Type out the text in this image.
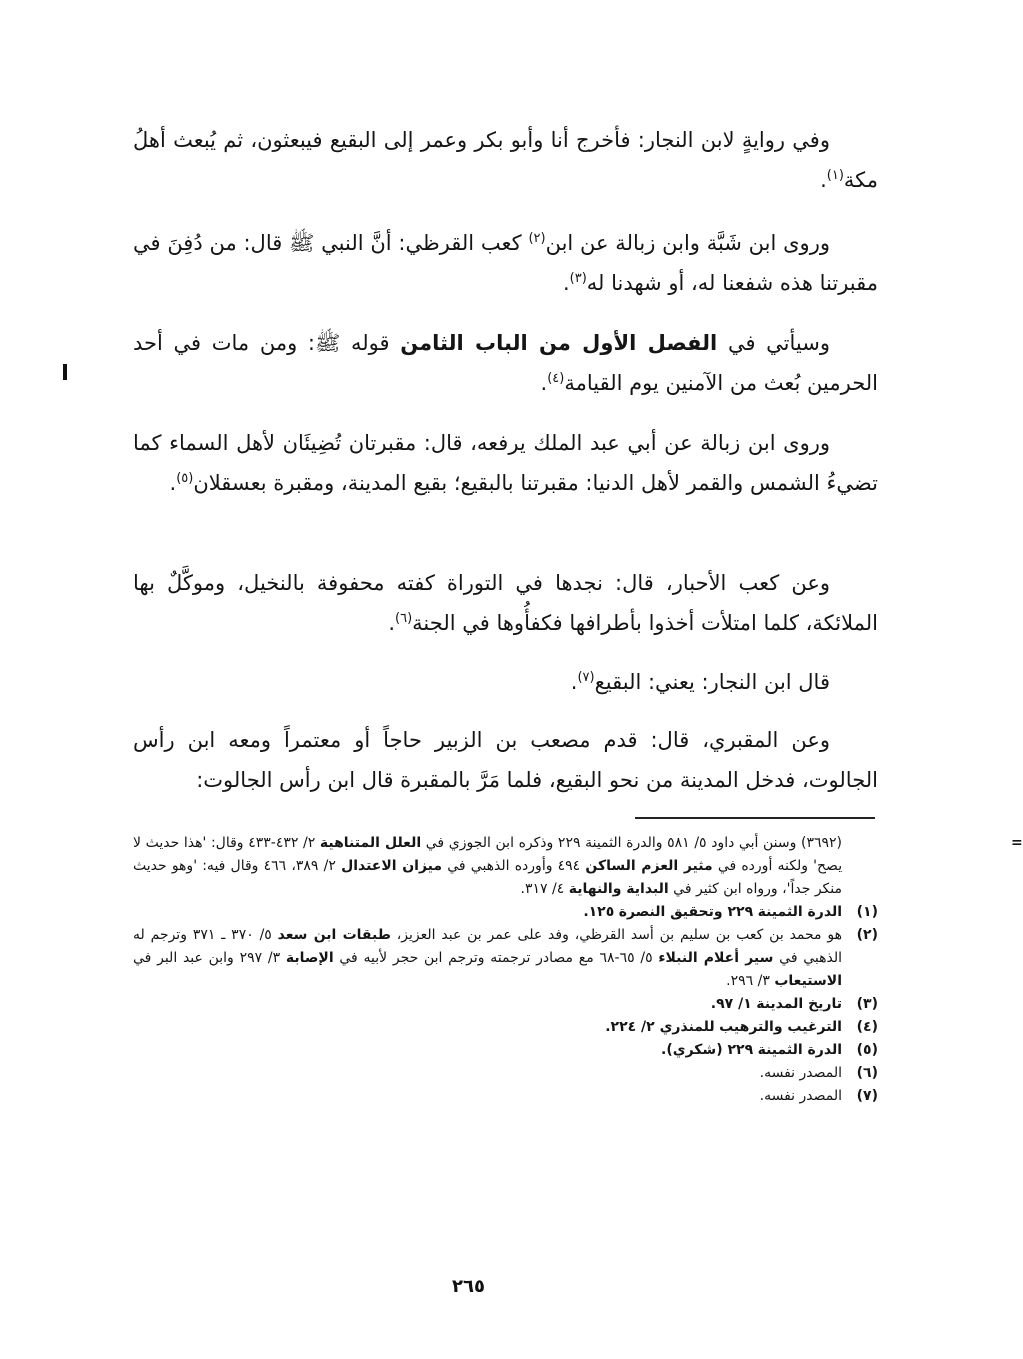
وفي روايةٍ لابن النجار: فأخرج أنا وأبو بكر وعمر إلى البقيع فيبعثون، ثم يُبعث أهلُ مكة$^{(١)}$.

وروى ابن شَبَّة وابن زبالة عن ابن$^{(٢)}$ كعب القرظي: أنَّ النبي ﷺ قال: من دُفِنَ في مقبرتنا هذه شفعنا له، أو شهدنا له$^{(٣)}$.

وسيأتي في الفصل الأول من الباب الثامن قوله ﷺ: ومن مات في أحد الحرمين بُعث من الآمنين يوم القيامة$^{(٤)}$.

وروى ابن زبالة عن أبي عبد الملك يرفعه، قال: مقبرتان تُضِيئَان لأهل السماء كما تضيءُ الشمس والقمر لأهل الدنيا: مقبرتنا بالبقيع؛ بقيع المدينة، ومقبرة بعسقلان$^{(٥)}$.

وعن كعب الأحبار، قال: نجدها في التوراة كفته محفوفة بالنخيل، وموكَّلٌ بها الملائكة، كلما امتلأت أخذوا بأطرافها فكفأُوها في الجنة$^{(٦)}$.

قال ابن النجار: يعني: البقيع$^{(٧)}$.

وعن المقبري، قال: قدم مصعب بن الزبير حاجاً أو معتمراً ومعه ابن رأس الجالوت، فدخل المدينة من نحو البقيع، فلما مَرَّ بالمقبرة قال ابن رأس الجالوت:

=
(٣٦٩٢) وسنن أبي داود ٥/ ٥٨١ والدرة الثمينة ٢٢٩ وذكره ابن الجوزي في العلل المتناهية ٢/ ٤٣٢-٤٣٣ وقال: 'هذا حديث لا يصح' ولكنه أورده في مثير العزم الساكن ٤٩٤ وأورده الذهبي في ميزان الاعتدال ٢/ ٣٨٩، ٤٦٦ وقال فيه: 'وهو حديث منكر جداً'، ورواه ابن كثير في البداية والنهاية ٤/ ٣١٧.
(١)
الدرة الثمينة ٢٢٩ وتحقيق النصرة ١٢٥.
(٢)
هو محمد بن كعب بن سليم بن أسد القرظي، وفد على عمر بن عبد العزيز، طبقات ابن سعد ٥/ ٣٧٠ ـ ٣٧١ وترجم له الذهبي في سير أعلام النبلاء ٥/ ٦٥-٦٨ مع مصادر ترجمته وترجم ابن حجر لأبيه في الإصابة ٣/ ٢٩٧ وابن عبد البر في الاستيعاب ٣/ ٢٩٦.
(٣)
تاريخ المدينة ١/ ٩٧.
(٤)
الترغيب والترهيب للمنذري ٢/ ٢٢٤.
(٥)
الدرة الثمينة ٢٢٩ (شكري).
(٦)
المصدر نفسه.
(٧)
المصدر نفسه.
٢٦٥
